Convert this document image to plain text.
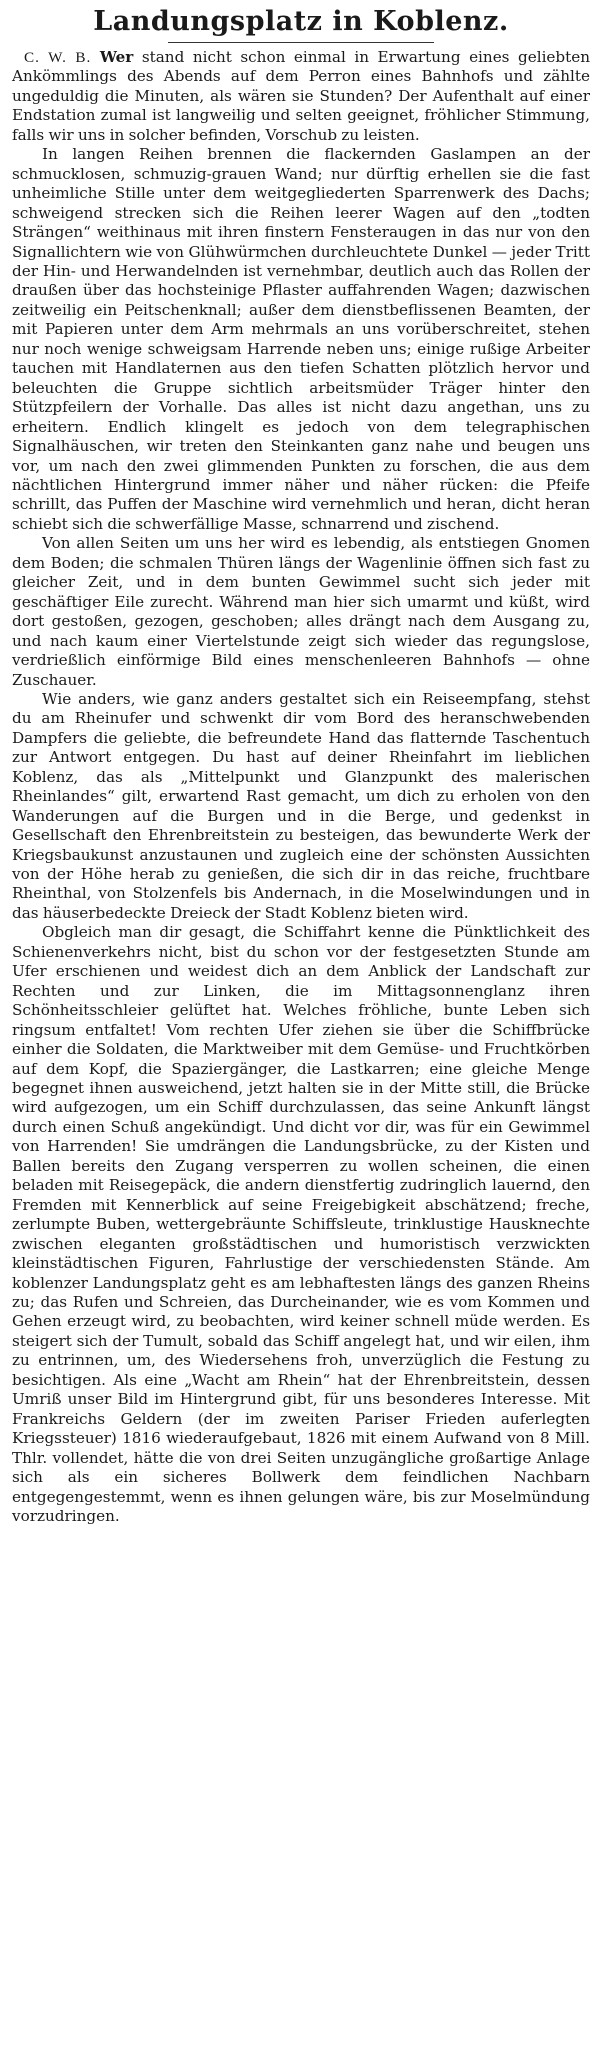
Landungsplatz in Koblenz.

C. W. B. Wer stand nicht schon einmal in Erwartung eines geliebten Ankömmlings des Abends auf dem Perron eines Bahnhofs und zählte ungeduldig die Minuten, als wären sie Stunden? Der Aufenthalt auf einer Endstation zumal ist langweilig und selten geeignet, fröhlicher Stimmung, falls wir uns in solcher befinden, Vorschub zu leisten.

In langen Reihen brennen die flackernden Gaslampen an der schmucklosen, schmuzig-grauen Wand; nur dürftig erhellen sie die fast unheimliche Stille unter dem weitgegliederten Sparrenwerk des Dachs; schweigend strecken sich die Reihen leerer Wagen auf den „todten Strängen“ weithinaus mit ihren finstern Fensteraugen in das nur von den Signallichtern wie von Glühwürmchen durchleuchtete Dunkel — jeder Tritt der Hin- und Herwandelnden ist vernehmbar, deutlich auch das Rollen der draußen über das hochsteinige Pflaster auffahrenden Wagen; dazwischen zeitweilig ein Peitschenknall; außer dem dienstbeflissenen Beamten, der mit Papieren unter dem Arm mehrmals an uns vorüberschreitet, stehen nur noch wenige schweigsam Harrende neben uns; einige rußige Arbeiter tauchen mit Handlaternen aus den tiefen Schatten plötzlich hervor und beleuchten die Gruppe sichtlich arbeitsmüder Träger hinter den Stützpfeilern der Vorhalle. Das alles ist nicht dazu angethan, uns zu erheitern. Endlich klingelt es jedoch von dem telegraphischen Signalhäuschen, wir treten den Steinkanten ganz nahe und beugen uns vor, um nach den zwei glimmenden Punkten zu forschen, die aus dem nächtlichen Hintergrund immer näher und näher rücken: die Pfeife schrillt, das Puffen der Maschine wird vernehmlich und heran, dicht heran schiebt sich die schwerfällige Masse, schnarrend und zischend.

Von allen Seiten um uns her wird es lebendig, als entstiegen Gnomen dem Boden; die schmalen Thüren längs der Wagenlinie öffnen sich fast zu gleicher Zeit, und in dem bunten Gewimmel sucht sich jeder mit geschäftiger Eile zurecht. Während man hier sich umarmt und küßt, wird dort gestoßen, gezogen, geschoben; alles drängt nach dem Ausgang zu, und nach kaum einer Viertelstunde zeigt sich wieder das regungslose, verdrießlich einförmige Bild eines menschenleeren Bahnhofs — ohne Zuschauer.

Wie anders, wie ganz anders gestaltet sich ein Reiseempfang, stehst du am Rheinufer und schwenkt dir vom Bord des heranschwebenden Dampfers die geliebte, die befreundete Hand das flatternde Taschentuch zur Antwort entgegen. Du hast auf deiner Rheinfahrt im lieblichen Koblenz, das als „Mittelpunkt und Glanzpunkt des malerischen Rheinlandes“ gilt, erwartend Rast gemacht, um dich zu erholen von den Wanderungen auf die Burgen und in die Berge, und gedenkst in Gesellschaft den Ehrenbreitstein zu besteigen, das bewunderte Werk der Kriegsbaukunst anzustaunen und zugleich eine der schönsten Aussichten von der Höhe herab zu genießen, die sich dir in das reiche, fruchtbare Rheinthal, von Stolzenfels bis Andernach, in die Moselwindungen und in das häuserbedeckte Dreieck der Stadt Koblenz bieten wird.

Obgleich man dir gesagt, die Schiffahrt kenne die Pünktlichkeit des Schienenverkehrs nicht, bist du schon vor der festgesetzten Stunde am Ufer erschienen und weidest dich an dem Anblick der Landschaft zur Rechten und zur Linken, die im Mittagsonnenglanz ihren Schönheitsschleier gelüftet hat. Welches fröhliche, bunte Leben sich ringsum entfaltet! Vom rechten Ufer ziehen sie über die Schiffbrücke einher die Soldaten, die Marktweiber mit dem Gemüse- und Fruchtkörben auf dem Kopf, die Spaziergänger, die Lastkarren; eine gleiche Menge begegnet ihnen ausweichend, jetzt halten sie in der Mitte still, die Brücke wird aufgezogen, um ein Schiff durchzulassen, das seine Ankunft längst durch einen Schuß angekündigt. Und dicht vor dir, was für ein Gewimmel von Harrenden! Sie umdrängen die Landungsbrücke, zu der Kisten und Ballen bereits den Zugang versperren zu wollen scheinen, die einen beladen mit Reisegepäck, die andern dienstfertig zudringlich lauernd, den Fremden mit Kennerblick auf seine Freigebigkeit abschätzend; freche, zerlumpte Buben, wettergebräunte Schiffsleute, trinklustige Hausknechte zwischen eleganten großstädtischen und humoristisch verzwickten kleinstädtischen Figuren, Fahrlustige der verschiedensten Stände. Am koblenzer Landungsplatz geht es am lebhaftesten längs des ganzen Rheins zu; das Rufen und Schreien, das Durcheinander, wie es vom Kommen und Gehen erzeugt wird, zu beobachten, wird keiner schnell müde werden. Es steigert sich der Tumult, sobald das Schiff angelegt hat, und wir eilen, ihm zu entrinnen, um, des Wiedersehens froh, unverzüglich die Festung zu besichtigen. Als eine „Wacht am Rhein“ hat der Ehrenbreitstein, dessen Umriß unser Bild im Hintergrund gibt, für uns besonderes Interesse. Mit Frankreichs Geldern (der im zweiten Pariser Frieden auferlegten Kriegssteuer) 1816 wiederaufgebaut, 1826 mit einem Aufwand von 8 Mill. Thlr. vollendet, hätte die von drei Seiten unzugängliche großartige Anlage sich als ein sicheres Bollwerk dem feindlichen Nachbarn entgegengestemmt, wenn es ihnen gelungen wäre, bis zur Moselmündung vorzudringen.
